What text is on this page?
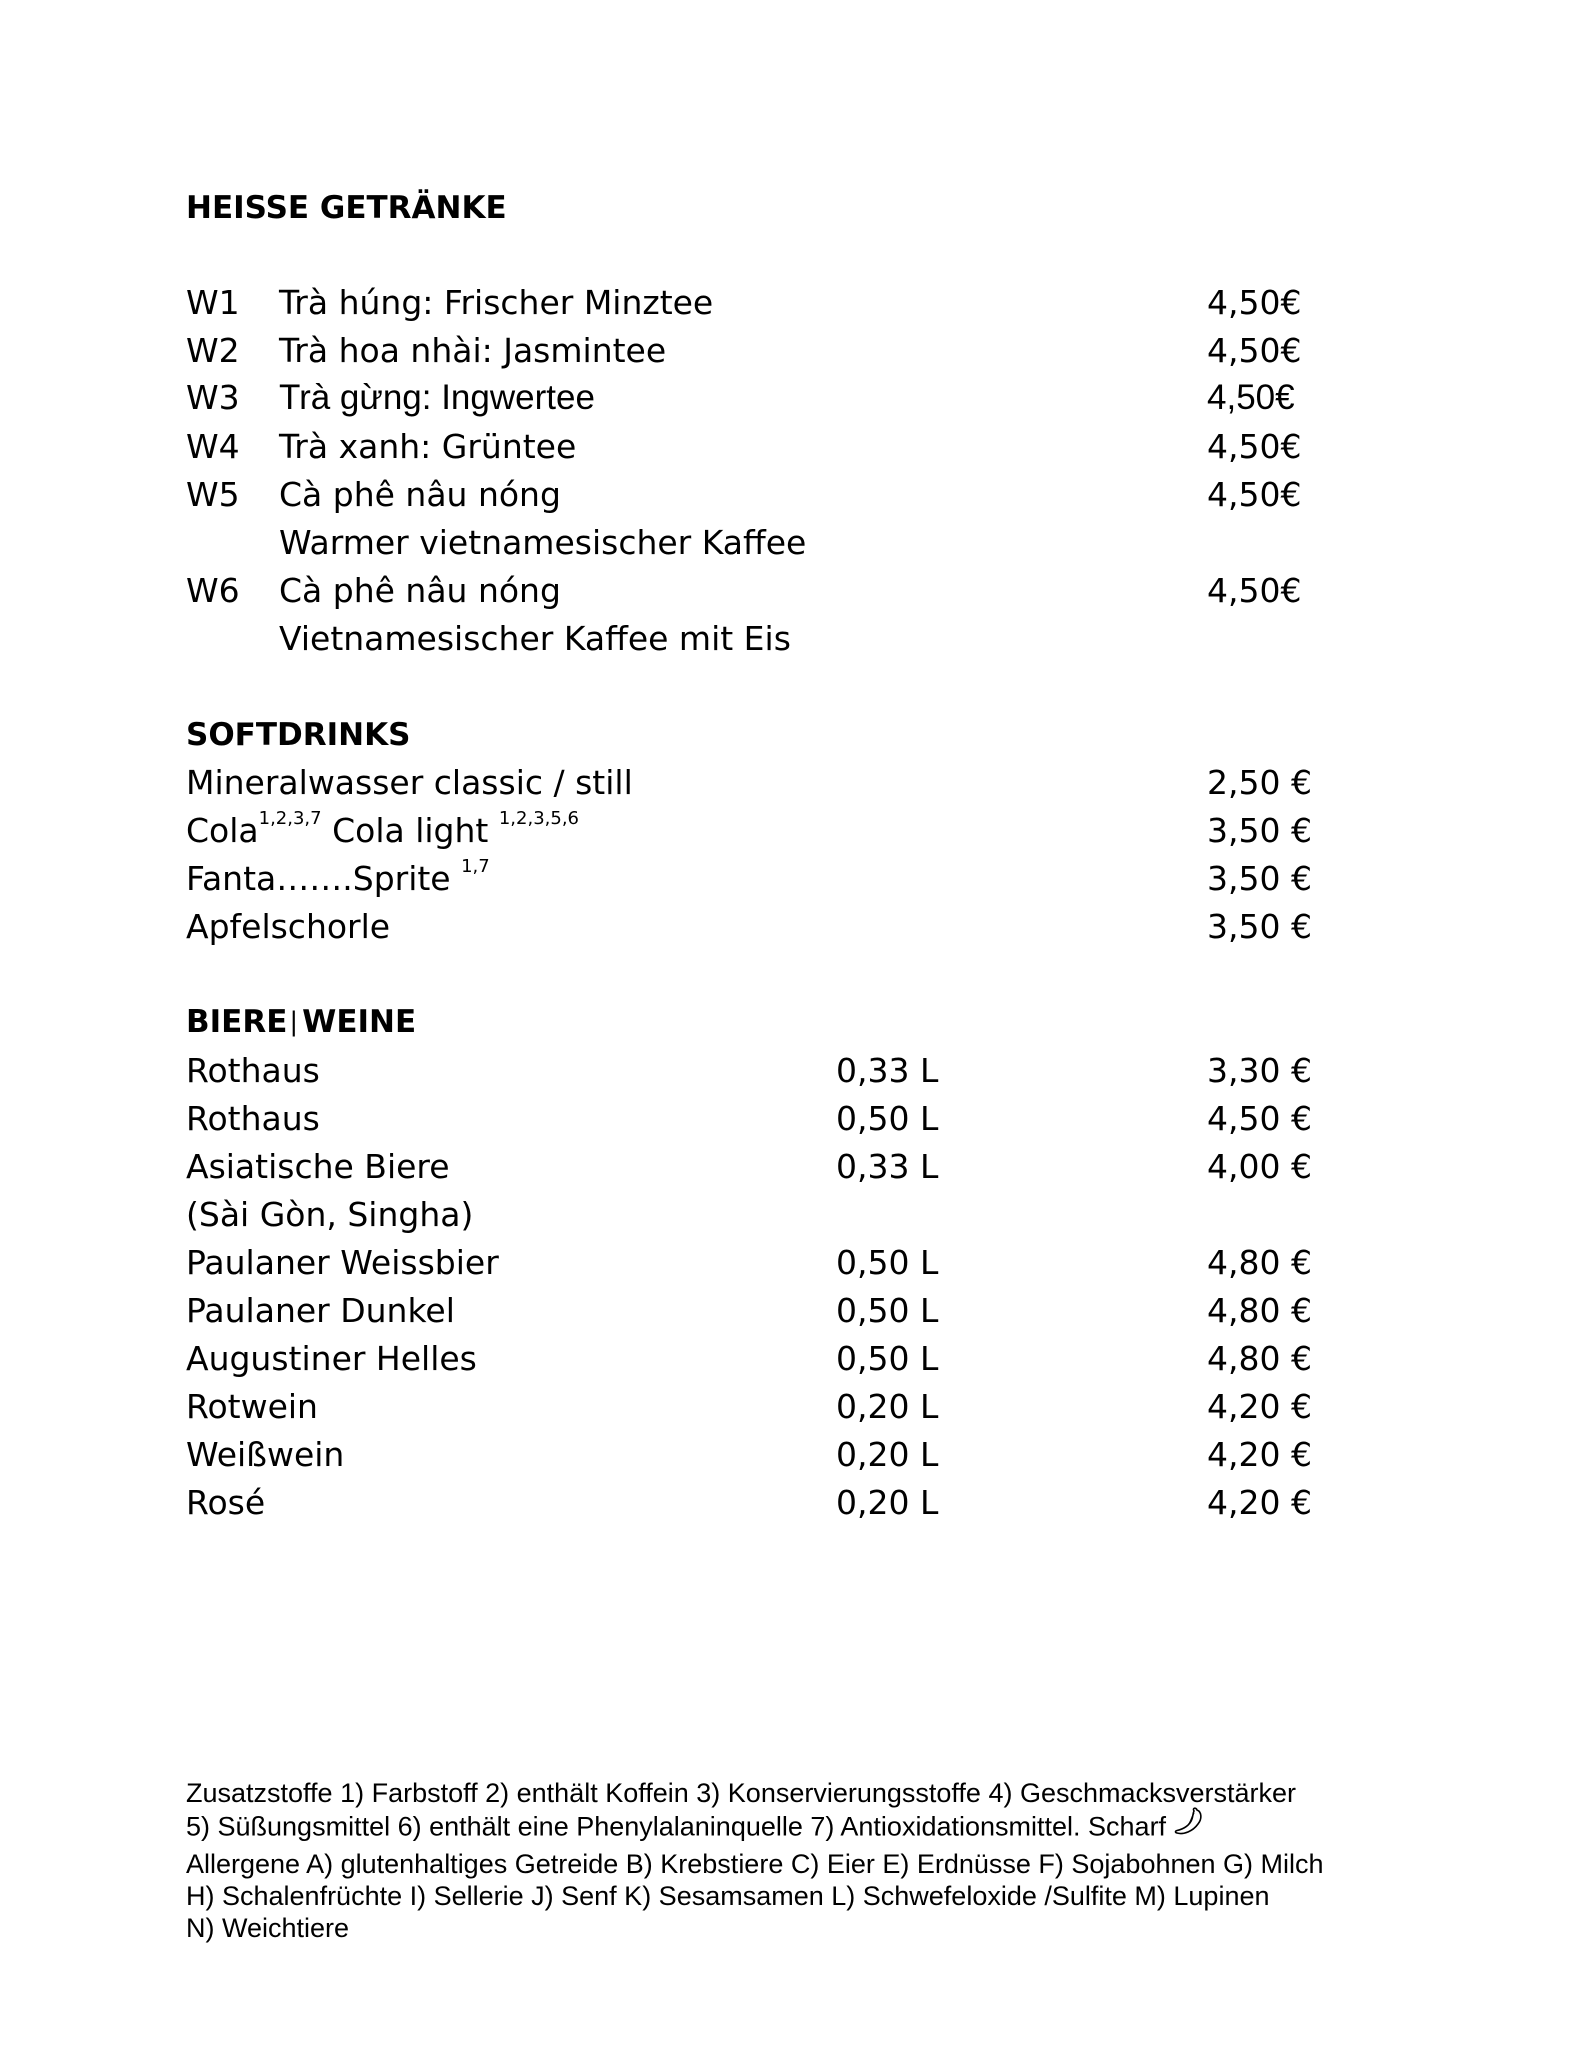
HEISSE GETRÄNKE
W1 Trà húng: Frischer Minztee	4,50€
W2 Trà hoa nhài: Jasmintee	4,50€
W3 Trà gừng: Ingwertee	4,50€
W4 Trà xanh: Grüntee	4,50€
W5 Cà phê nâu nóng	4,50€
Warmer vietnamesischer Kaffee
W6 Cà phê nâu nóng	4,50€
Vietnamesischer Kaffee mit Eis
SOFTDRINKS
Mineralwasser classic / still	2,50 €
Cola$^{1,2,3,7}$ Cola light $^{1,2,3,5,6}$	3,50 €
Fanta…….Sprite $^{1,7}$	3,50 €
Apfelschorle	3,50 €
BIERE| WEINE
Rothaus	0,33 L	3,30 €
Rothaus	0,50 L	4,50 €
Asiatische Biere	0,33 L	4,00 €
(Sài Gòn, Singha)
Paulaner Weissbier	0,50 L	4,80 €
Paulaner Dunkel	0,50 L	4,80 €
Augustiner Helles	0,50 L	4,80 €
Rotwein	0,20 L	4,20 €
Weißwein	0,20 L	4,20 €
Rosé	0,20 L	4,20 €
Zusatzstoffe 1) Farbstoff 2) enthält Koffein 3) Konservierungsstoffe 4) Geschmacksverstärker
5) Süßungsmittel 6) enthält eine Phenylalaninquelle 7) Antioxidationsmittel. Scharf
Allergene A) glutenhaltiges Getreide B) Krebstiere C) Eier E) Erdnüsse F) Sojabohnen G) Milch
H) Schalenfrüchte I) Sellerie J) Senf K) Sesamsamen L) Schwefeloxide /Sulfite M) Lupinen
N) Weichtiere
